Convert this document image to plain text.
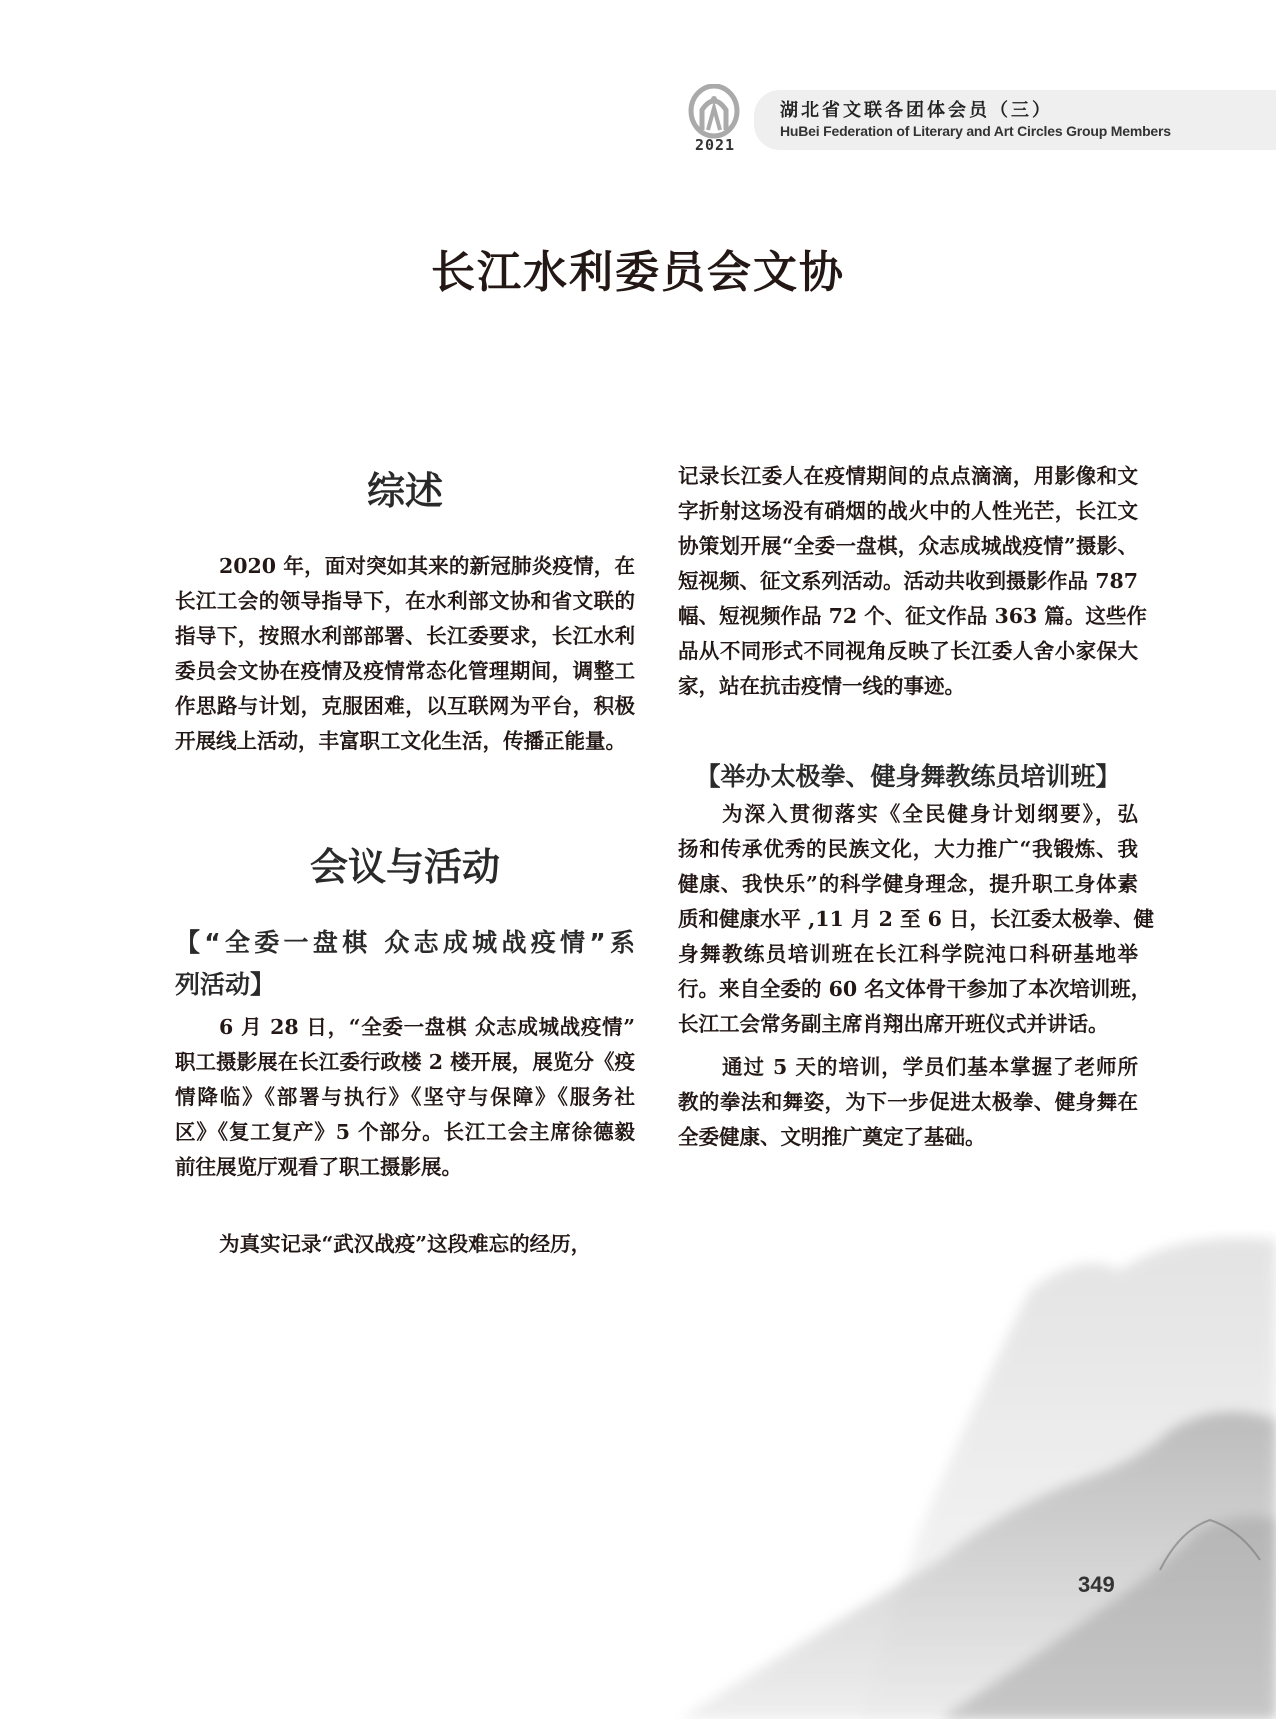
2021
湖北省文联各团体会员（三）
HuBei Federation of Literary and Art Circles Group Members
长江水利委员会文协
综述
2020 年，面对突如其来的新冠肺炎疫情，在
长江工会的领导指导下，在水利部文协和省文联的
指导下，按照水利部部署、长江委要求，长江水利
委员会文协在疫情及疫情常态化管理期间，调整工
作思路与计划，克服困难，以互联网为平台，积极
开展线上活动，丰富职工文化生活，传播正能量。
会议与活动
【“全委一盘棋 众志成城战疫情”系
列活动】
6 月 28 日，“全委一盘棋 众志成城战疫情”
职工摄影展在长江委行政楼 2 楼开展，展览分《疫
情降临》《部署与执行》《坚守与保障》《服务社
区》《复工复产》5 个部分。长江工会主席徐德毅
前往展览厅观看了职工摄影展。
为真实记录“武汉战疫”这段难忘的经历，
记录长江委人在疫情期间的点点滴滴，用影像和文
字折射这场没有硝烟的战火中的人性光芒，长江文
协策划开展“全委一盘棋，众志成城战疫情”摄影、
短视频、征文系列活动。活动共收到摄影作品 787
幅、短视频作品 72 个、征文作品 363 篇。这些作
品从不同形式不同视角反映了长江委人舍小家保大
家，站在抗击疫情一线的事迹。
【举办太极拳、健身舞教练员培训班】
为深入贯彻落实《全民健身计划纲要》，弘
扬和传承优秀的民族文化，大力推广“我锻炼、我
健康、我快乐”的科学健身理念，提升职工身体素
质和健康水平 ,11 月 2 至 6 日，长江委太极拳、健
身舞教练员培训班在长江科学院沌口科研基地举
行。来自全委的 60 名文体骨干参加了本次培训班，
长江工会常务副主席肖翔出席开班仪式并讲话。
通过 5 天的培训，学员们基本掌握了老师所
教的拳法和舞姿，为下一步促进太极拳、健身舞在
全委健康、文明推广奠定了基础。
349
